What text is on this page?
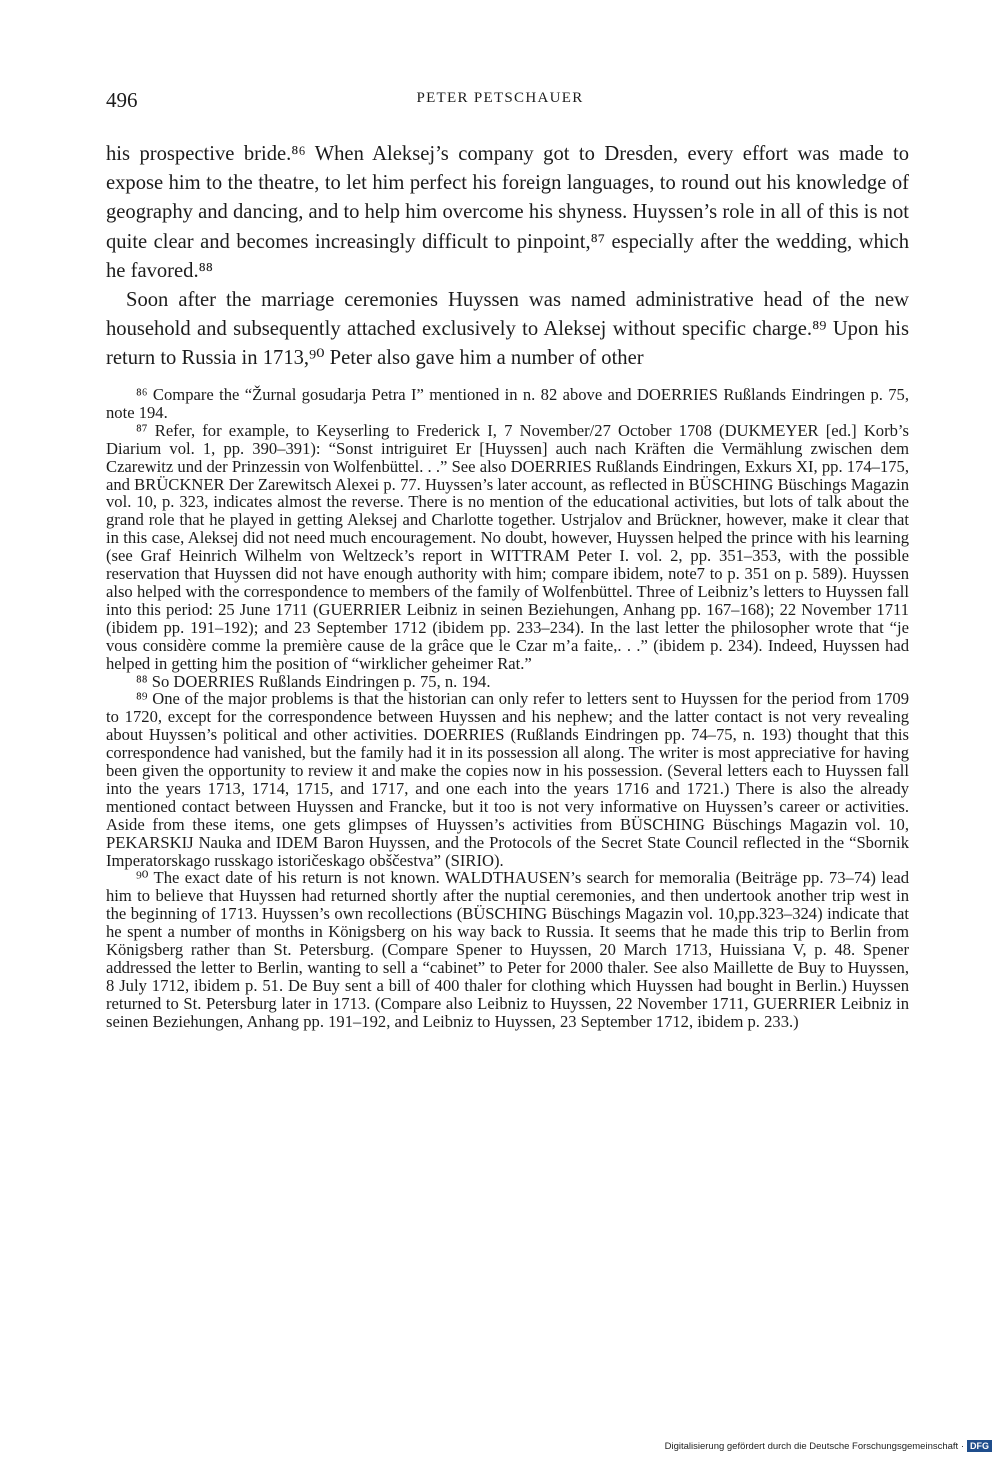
496	PETER PETSCHAUER

his prospective bride.⁸⁶ When Aleksej’s company got to Dresden, every effort was made to expose him to the theatre, to let him perfect his foreign languages, to round out his knowledge of geography and dancing, and to help him overcome his shyness. Huyssen’s role in all of this is not quite clear and becomes increasingly difficult to pinpoint,⁸⁷ especially after the wedding, which he favored.⁸⁸

Soon after the marriage ceremonies Huyssen was named administrative head of the new household and subsequently attached exclusively to Aleksej without specific charge.⁸⁹ Upon his return to Russia in 1713,⁹⁰ Peter also gave him a number of other

⁸⁶ Compare the “Žurnal gosudarja Petra I” mentioned in n. 82 above and DOERRIES Rußlands Eindringen p. 75, note 194.

⁸⁷ Refer, for example, to Keyserling to Frederick I, 7 November/27 October 1708 (DUKMEYER [ed.] Korb’s Diarium vol. 1, pp. 390–391): “Sonst intriguiret Er [Huyssen] auch nach Kräften die Vermählung zwischen dem Czarewitz und der Prinzessin von Wolfenbüttel. . .” See also DOERRIES Rußlands Eindringen, Exkurs XI, pp. 174–175, and BRÜCKNER Der Zarewitsch Alexei p. 77. Huyssen’s later account, as reflected in BÜSCHING Büschings Magazin vol. 10, p. 323, indicates almost the reverse. There is no mention of the educational activities, but lots of talk about the grand role that he played in getting Aleksej and Charlotte together. Ustrjalov and Brückner, however, make it clear that in this case, Aleksej did not need much encouragement. No doubt, however, Huyssen helped the prince with his learning (see Graf Heinrich Wilhelm von Weltzeck’s report in WITTRAM Peter I. vol. 2, pp. 351–353, with the possible reservation that Huyssen did not have enough authority with him; compare ibidem, note7 to p. 351 on p. 589). Huyssen also helped with the correspondence to members of the family of Wolfenbüttel. Three of Leibniz’s letters to Huyssen fall into this period: 25 June 1711 (GUERRIER Leibniz in seinen Beziehungen, Anhang pp. 167–168); 22 November 1711 (ibidem pp. 191–192); and 23 September 1712 (ibidem pp. 233–234). In the last letter the philosopher wrote that “je vous considère comme la première cause de la grâce que le Czar m’a faite,. . .” (ibidem p. 234). Indeed, Huyssen had helped in getting him the position of “wirklicher geheimer Rat.”

⁸⁸ So DOERRIES Rußlands Eindringen p. 75, n. 194.

⁸⁹ One of the major problems is that the historian can only refer to letters sent to Huyssen for the period from 1709 to 1720, except for the correspondence between Huyssen and his nephew; and the latter contact is not very revealing about Huyssen’s political and other activities. DOERRIES (Rußlands Eindringen pp. 74–75, n. 193) thought that this correspondence had vanished, but the family had it in its possession all along. The writer is most appreciative for having been given the opportunity to review it and make the copies now in his possession. (Several letters each to Huyssen fall into the years 1713, 1714, 1715, and 1717, and one each into the years 1716 and 1721.) There is also the already mentioned contact between Huyssen and Francke, but it too is not very informative on Huyssen’s career or activities. Aside from these items, one gets glimpses of Huyssen’s activities from BÜSCHING Büschings Magazin vol. 10, PEKARSKIJ Nauka and IDEM Baron Huyssen, and the Protocols of the Secret State Council reflected in the “Sbornik Imperatorskago russkago istoričeskago obščestva” (SIRIO).

⁹⁰ The exact date of his return is not known. WALDTHAUSEN’s search for memoralia (Beiträge pp. 73–74) lead him to believe that Huyssen had returned shortly after the nuptial ceremonies, and then undertook another trip west in the beginning of 1713. Huyssen’s own recollections (BÜSCHING Büschings Magazin vol. 10,pp.323–324) indicate that he spent a number of months in Königsberg on his way back to Russia. It seems that he made this trip to Berlin from Königsberg rather than St. Petersburg. (Compare Spener to Huyssen, 20 March 1713, Huissiana V, p. 48. Spener addressed the letter to Berlin, wanting to sell a “cabinet” to Peter for 2000 thaler. See also Maillette de Buy to Huyssen, 8 July 1712, ibidem p. 51. De Buy sent a bill of 400 thaler for clothing which Huyssen had bought in Berlin.) Huyssen returned to St. Petersburg later in 1713. (Compare also Leibniz to Huyssen, 22 November 1711, GUERRIER Leibniz in seinen Beziehungen, Anhang pp. 191–192, and Leibniz to Huyssen, 23 September 1712, ibidem p. 233.)

Digitalisierung gefördert durch die Deutsche Forschungsgemeinschaft · DFG
